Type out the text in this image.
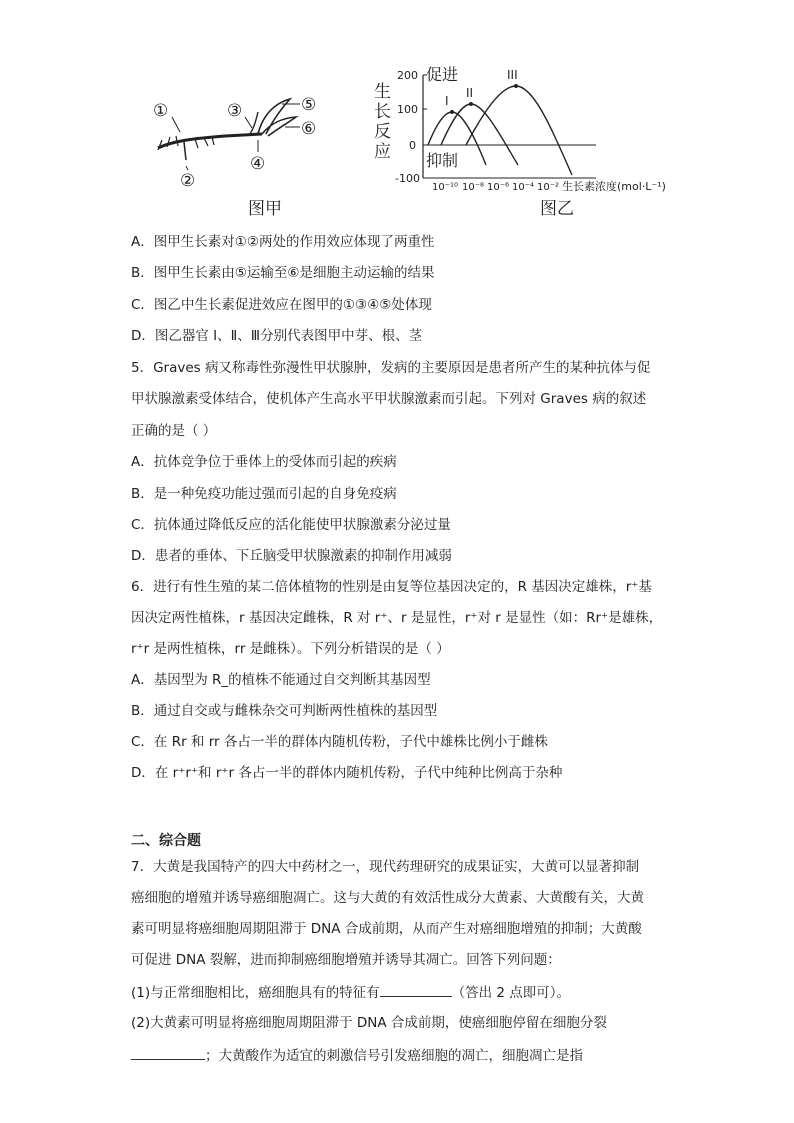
①
②
③
④
⑤
⑥
图甲
I
II
III
生
长
反
应
200
100
0
-100
促进
抑制
10⁻¹⁰ 10⁻⁸ 10⁻⁶ 10⁻⁴ 10⁻² 生长素浓度(mol·L⁻¹)
图乙
A．图甲生长素对①②两处的作用效应体现了两重性
B．图甲生长素由⑤运输至⑥是细胞主动运输的结果
C．图乙中生长素促进效应在图甲的①③④⑤处体现
D．图乙器官 I、Ⅱ、Ⅲ分别代表图甲中芽、根、茎
5．Graves 病又称毒性弥漫性甲状腺肿，发病的主要原因是患者所产生的某种抗体与促
甲状腺激素受体结合，使机体产生高水平甲状腺激素而引起。下列对 Graves 病的叙述
正确的是（ ）
A．抗体竞争位于垂体上的受体而引起的疾病
B．是一种免疫功能过强而引起的自身免疫病
C．抗体通过降低反应的活化能使甲状腺激素分泌过量
D．患者的垂体、下丘脑受甲状腺激素的抑制作用减弱
6．进行有性生殖的某二倍体植物的性别是由复等位基因决定的，R 基因决定雄株，r⁺基
因决定两性植株，r 基因决定雌株，R 对 r⁺、r 是显性，r⁺对 r 是显性（如：Rr⁺是雄株，
r⁺r 是两性植株，rr 是雌株）。下列分析错误的是（ ）
A．基因型为 R_的植株不能通过自交判断其基因型
B．通过自交或与雌株杂交可判断两性植株的基因型
C．在 Rr 和 rr 各占一半的群体内随机传粉，子代中雄株比例小于雌株
D．在 r⁺r⁺和 r⁺r 各占一半的群体内随机传粉，子代中纯种比例高于杂种
二、综合题
7．大黄是我国特产的四大中药材之一，现代药理研究的成果证实，大黄可以显著抑制
癌细胞的增殖并诱导癌细胞凋亡。这与大黄的有效活性成分大黄素、大黄酸有关，大黄
素可明显将癌细胞周期阻滞于 DNA 合成前期，从而产生对癌细胞增殖的抑制；大黄酸
可促进 DNA 裂解，进而抑制癌细胞增殖并诱导其凋亡。回答下列问题：
(1)与正常细胞相比，癌细胞具有的特征有	（答出 2 点即可）。
(2)大黄素可明显将癌细胞周期阻滞于 DNA 合成前期，使癌细胞停留在细胞分裂
；大黄酸作为适宜的刺激信号引发癌细胞的凋亡，细胞凋亡是指
